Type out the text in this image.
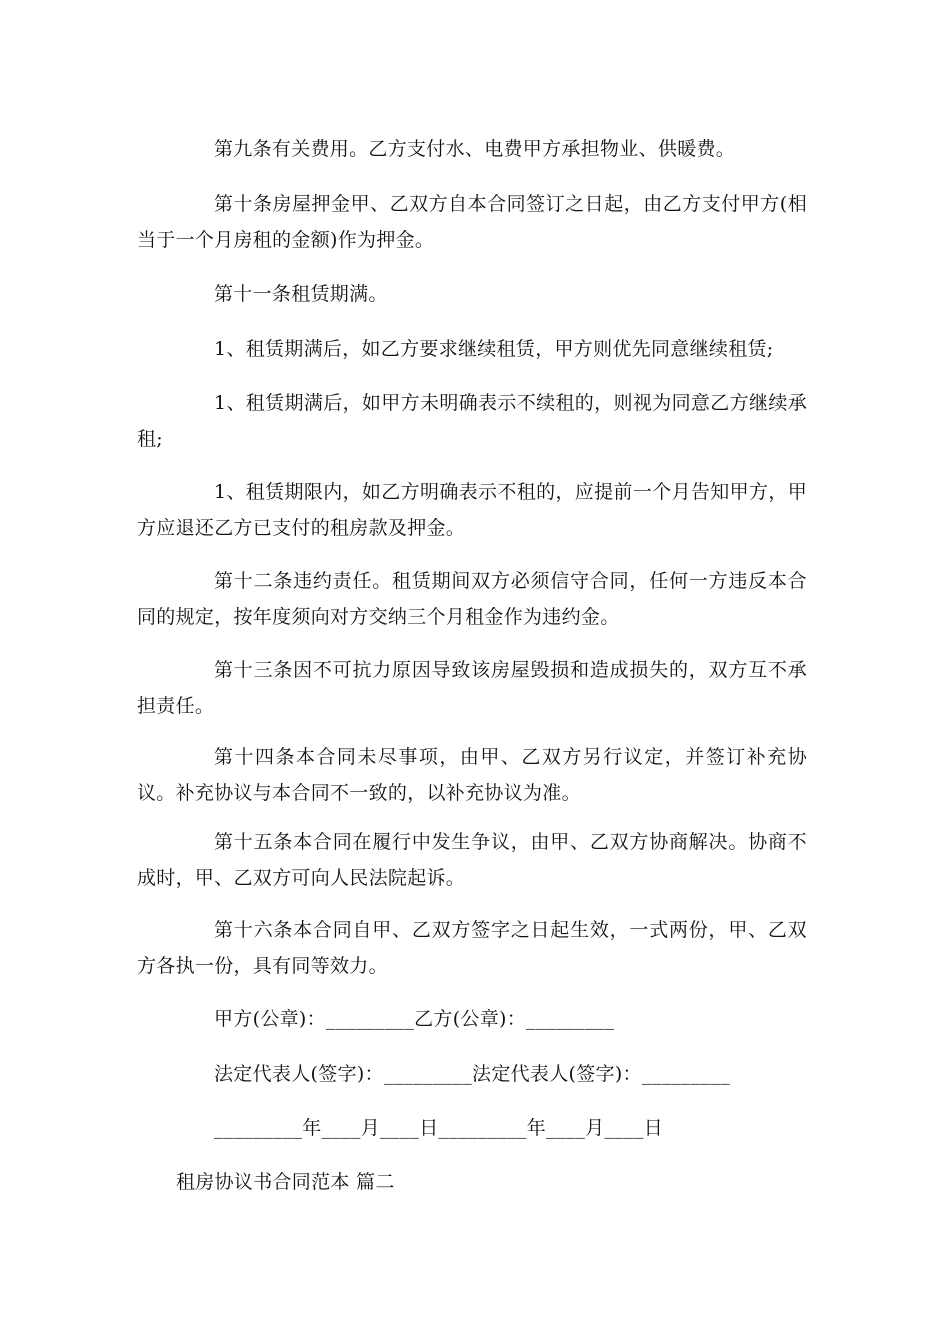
第九条有关费用。乙方支付水、电费甲方承担物业、供暖费。

第十条房屋押金甲、乙双方自本合同签订之日起，由乙方支付甲方(相当于一个月房租的金额)作为押金。

第十一条租赁期满。

1、租赁期满后，如乙方要求继续租赁，甲方则优先同意继续租赁;

1、租赁期满后，如甲方未明确表示不续租的，则视为同意乙方继续承租;

1、租赁期限内，如乙方明确表示不租的，应提前一个月告知甲方，甲方应退还乙方已支付的租房款及押金。

第十二条违约责任。租赁期间双方必须信守合同，任何一方违反本合同的规定，按年度须向对方交纳三个月租金作为违约金。

第十三条因不可抗力原因导致该房屋毁损和造成损失的，双方互不承担责任。

第十四条本合同未尽事项，由甲、乙双方另行议定，并签订补充协议。补充协议与本合同不一致的，以补充协议为准。

第十五条本合同在履行中发生争议，由甲、乙双方协商解决。协商不成时，甲、乙双方可向人民法院起诉。

第十六条本合同自甲、乙双方签字之日起生效，一式两份，甲、乙双方各执一份，具有同等效力。

甲方(公章)：_________乙方(公章)：_________

法定代表人(签字)：_________法定代表人(签字)：_________

_________年____月____日_________年____月____日

租房协议书合同范本 篇二
